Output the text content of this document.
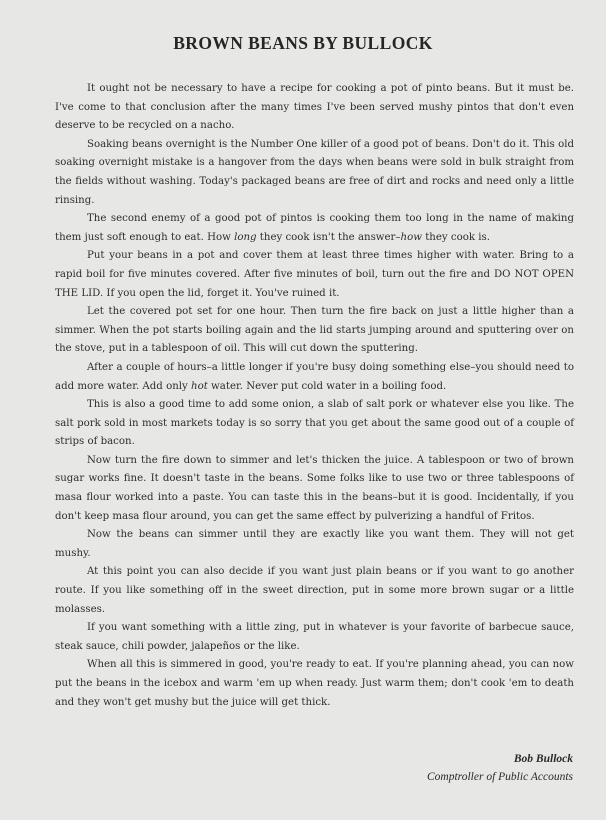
BROWN BEANS BY BULLOCK

It ought not be necessary to have a recipe for cooking a pot of pinto beans. But it must be. I've come to that conclusion after the many times I've been served mushy pintos that don't even deserve to be recycled on a nacho.

Soaking beans overnight is the Number One killer of a good pot of beans. Don't do it. This old soaking overnight mistake is a hangover from the days when beans were sold in bulk straight from the fields without washing. Today's packaged beans are free of dirt and rocks and need only a little rinsing.

The second enemy of a good pot of pintos is cooking them too long in the name of making them just soft enough to eat. How long they cook isn't the answer–how they cook is.

Put your beans in a pot and cover them at least three times higher with water. Bring to a rapid boil for five minutes covered. After five minutes of boil, turn out the fire and DO NOT OPEN THE LID. If you open the lid, forget it. You've ruined it.

Let the covered pot set for one hour. Then turn the fire back on just a little higher than a simmer. When the pot starts boiling again and the lid starts jumping around and sputtering over on the stove, put in a tablespoon of oil. This will cut down the sputtering.

After a couple of hours–a little longer if you're busy doing something else–you should need to add more water. Add only hot water. Never put cold water in a boiling food.

This is also a good time to add some onion, a slab of salt pork or whatever else you like. The salt pork sold in most markets today is so sorry that you get about the same good out of a couple of strips of bacon.

Now turn the fire down to simmer and let's thicken the juice. A tablespoon or two of brown sugar works fine. It doesn't taste in the beans. Some folks like to use two or three tablespoons of masa flour worked into a paste. You can taste this in the beans–but it is good. Incidentally, if you don't keep masa flour around, you can get the same effect by pulverizing a handful of Fritos.

Now the beans can simmer until they are exactly like you want them. They will not get mushy.

At this point you can also decide if you want just plain beans or if you want to go another route. If you like something off in the sweet direction, put in some more brown sugar or a little molasses.

If you want something with a little zing, put in whatever is your favorite of barbecue sauce, steak sauce, chili powder, jalapeños or the like.

When all this is simmered in good, you're ready to eat. If you're planning ahead, you can now put the beans in the icebox and warm 'em up when ready. Just warm them; don't cook 'em to death and they won't get mushy but the juice will get thick.

Bob Bullock
Comptroller of Public Accounts
